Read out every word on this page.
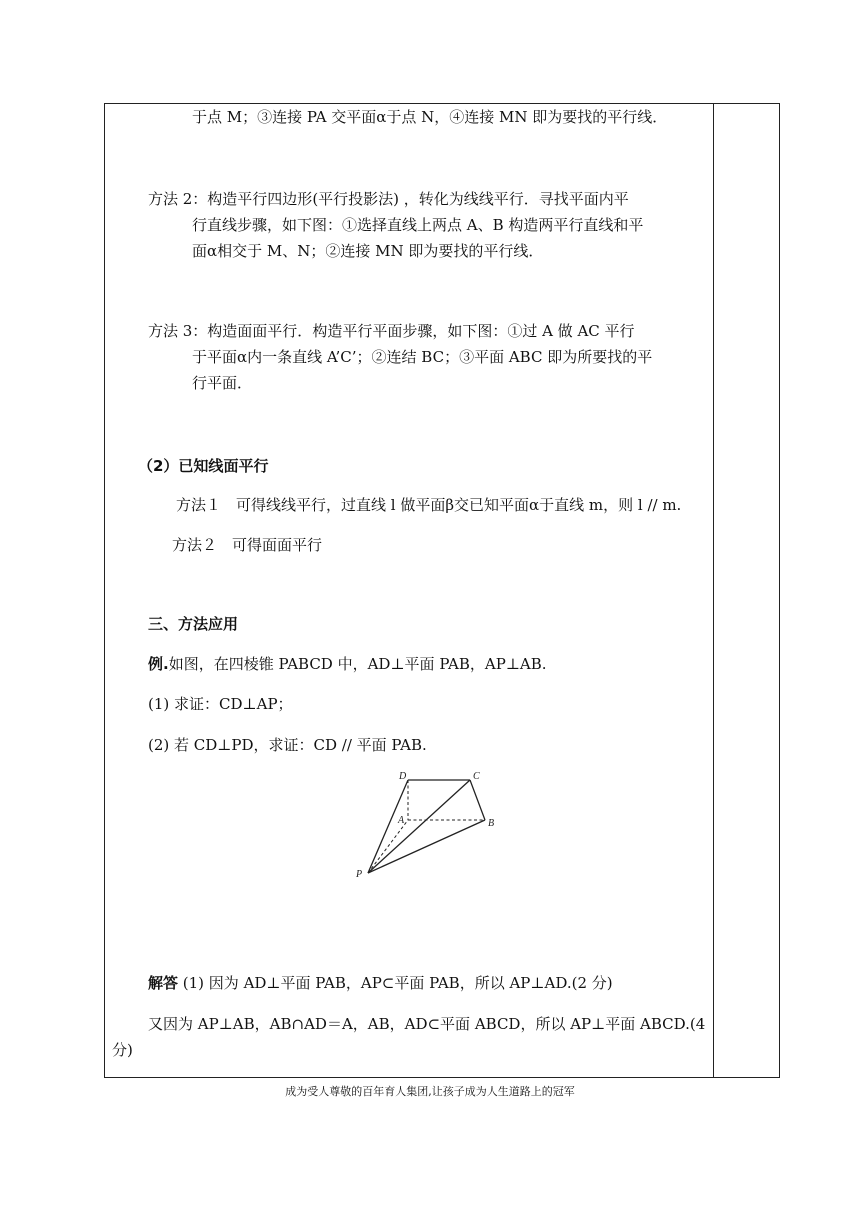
于点 M；③连接 PA 交平面α于点 N，④连接 MN 即为要找的平行线．
方法 2：构造平行四边形(平行投影法) ，转化为线线平行．寻找平面内平
行直线步骤，如下图：①选择直线上两点 A、B 构造两平行直线和平
面α相交于 M、N；②连接 MN 即为要找的平行线．
方法 3：构造面面平行．构造平行平面步骤，如下图：①过 A 做 AC 平行
于平面α内一条直线 A’C’；②连结 BC；③平面 ABC 即为所要找的平
行平面．
（2）已知线面平行
方法１　可得线线平行，过直线 l 做平面β交已知平面α于直线 m，则 l // m.
方法２　可得面面平行
三、方法应用
例.如图，在四棱锥 PABCD 中，AD⊥平面 PAB，AP⊥AB.
(1) 求证：CD⊥AP；
(2) 若 CD⊥PD，求证：CD // 平面 PAB.
D	C
A	B
P
解答 (1) 因为 AD⊥平面 PAB，AP⊂平面 PAB，所以 AP⊥AD.(2 分)
又因为 AP⊥AB，AB∩AD＝A，AB，AD⊂平面 ABCD，所以 AP⊥平面 ABCD.(4
分)
成为受人尊敬的百年育人集团,让孩子成为人生道路上的冠军
